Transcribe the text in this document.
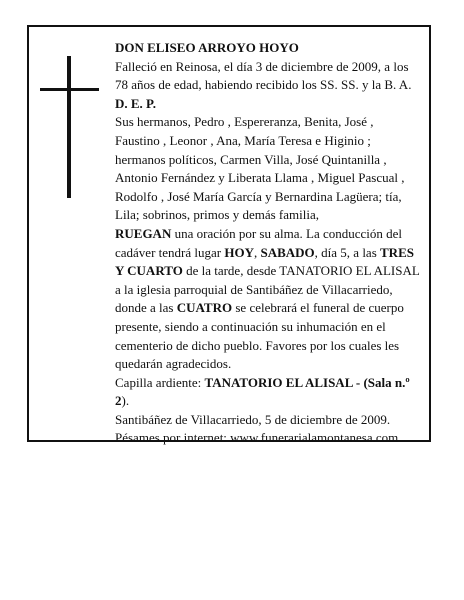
DON ELISEO ARROYO HOYO

Falleció en Reinosa, el día 3 de diciembre de 2009, a los 78 años de edad, habiendo recibido los SS. SS. y la B. A.

D. E. P.

Sus hermanos, Pedro , Espereranza, Benita, José , Faustino , Leonor , Ana, María Teresa e Higinio ; hermanos políticos, Carmen Villa, José Quintanilla , Antonio Fernández y Liberata Llama , Miguel Pascual , Rodolfo , José María García y Bernardina Lagüera; tía, Lila; sobrinos, primos y demás familia,

RUEGAN una oración por su alma. La conducción del cadáver tendrá lugar HOY, SABADO, día 5, a las TRES Y CUARTO de la tarde, desde TANATORIO EL ALISAL a la iglesia parroquial de Santibáñez de Villacarriedo, donde a las CUATRO se celebrará el funeral de cuerpo presente, siendo a continuación su inhumación en el cementerio de dicho pueblo. Favores por los cuales les quedarán agradecidos.

Capilla ardiente: TANATORIO EL ALISAL - (Sala n.º 2).

Santibáñez de Villacarriedo, 5 de diciembre de 2009.

Pésames por internet: www.funerarialamontanesa.com
